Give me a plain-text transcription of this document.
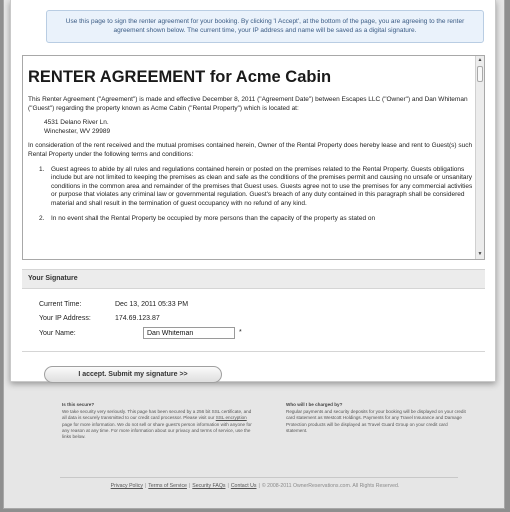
Use this page to sign the renter agreement for your booking. By clicking 'I Accept', at the bottom of the page, you are agreeing to the renter agreement shown below. The current time, your IP address and name will be saved as a digital signature.
RENTER AGREEMENT for Acme Cabin
This Renter Agreement ("Agreement") is made and effective December 8, 2011 ("Agreement Date") between Escapes LLC ("Owner") and Dan Whiteman ("Guest") regarding the property known as Acme Cabin ("Rental Property") which is located at:
4531 Delano River Ln.
Winchester, WV 29989
In consideration of the rent received and the mutual promises contained herein, Owner of the Rental Property does hereby lease and rent to Guest(s) such Rental Property under the following terms and conditions:
1.	Guest agrees to abide by all rules and regulations contained herein or posted on the premises related to the Rental Property. Guests obligations include but are not limited to keeping the premises as clean and safe as the conditions of the premises permit and causing no unsafe or unsanitary conditions in the common area and remainder of the premises that Guest uses. Guests agree not to use the premises for any commercial activities or purpose that violates any criminal law or governmental regulation. Guest's breach of any duty contained in this paragraph shall be considered material and shall result in the termination of guest occupancy with no refund of any kind.
2.	In no event shall the Rental Property be occupied by more persons than the capacity of the property as stated on
▲
▼
Your Signature
Current Time:	Dec 13, 2011 05:33 PM
Your IP Address:	174.69.123.87
Your Name:
Dan Whiteman	*
I accept. Submit my signature >>
Is this secure?
We take security very seriously. This page has been secured by a 256 bit SSL certificate, and all data is securely transmitted to our credit card processor. Please visit our SSL encryption page for more information. We do not sell or share guest's person information with anyone for any reason at any time. For more information about our privacy and terms of service, use the links below.
Who will I be charged by?
Regular payments and security deposits for your booking will be displayed on your credit card statement as Westcott Holdings. Payments for any Travel Insurance and Damage Protection products will be displayed as Travel Guard Group on your credit card statement.
Privacy Policy | Terms of Service | Security FAQs | Contact Us | © 2008-2011 OwnerReservations.com. All Rights Reserved.
